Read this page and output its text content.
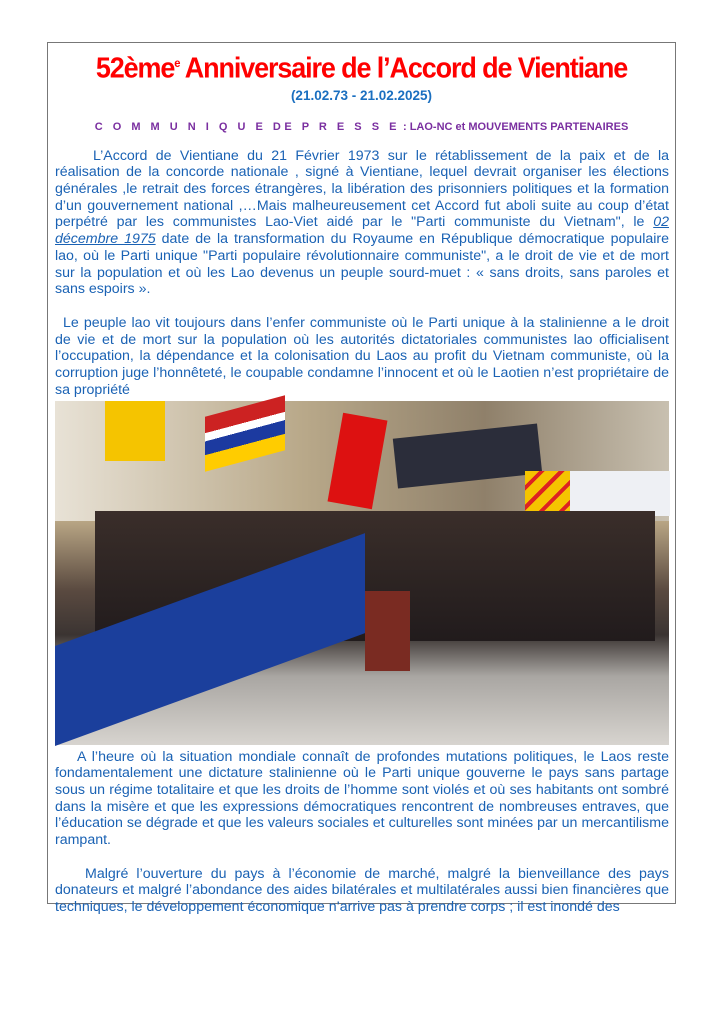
52ème$^e$ Anniversaire de l’Accord de Vientiane
(21.02.73 - 21.02.2025)
C O M M U N I Q U E DE P R E S S E : LAO-NC et MOUVEMENTS PARTENAIRES

L’Accord de Vientiane du 21 Février 1973 sur le rétablissement de la paix et de la réalisation de la concorde nationale , signé à Vientiane, lequel devrait organiser les élections générales ,le retrait des forces étrangères, la libération des prisonniers politiques et la formation d’un gouvernement national ,…Mais malheureusement cet Accord fut aboli suite au coup d’état perpétré par les communistes Lao-Viet aidé par le "Parti communiste du Vietnam", le 02 décembre 1975 date de la transformation du Royaume en République démocratique populaire lao, où le Parti unique "Parti populaire révolutionnaire communiste", a le droit de vie et de mort sur la population et où les Lao devenus un peuple sourd-muet : « sans droits, sans paroles et sans espoirs ».

Le peuple lao vit toujours dans l’enfer communiste où le Parti unique à la stalinienne a le droit de vie et de mort sur la population où les autorités dictatoriales communistes lao officialisent l’occupation, la dépendance et la colonisation du Laos au profit du Vietnam communiste, où la corruption juge l’honnêteté, le coupable condamne l’innocent et où le Laotien n’est propriétaire de sa propriété

A l’heure où la situation mondiale connaît de profondes mutations politiques, le Laos reste fondamentalement une dictature stalinienne où le Parti unique gouverne le pays sans partage sous un régime totalitaire et que les droits de l’homme sont violés et où ses habitants ont sombré dans la misère et que les expressions démocratiques rencontrent de nombreuses entraves, que l’éducation se dégrade et que les valeurs sociales et culturelles sont minées par un mercantilisme rampant.

Malgré l’ouverture du pays à l’économie de marché, malgré la bienveillance des pays donateurs et malgré l’abondance des aides bilatérales et multilatérales aussi bien financières que techniques, le développement économique n’arrive pas à prendre corps ; il est inondé des
